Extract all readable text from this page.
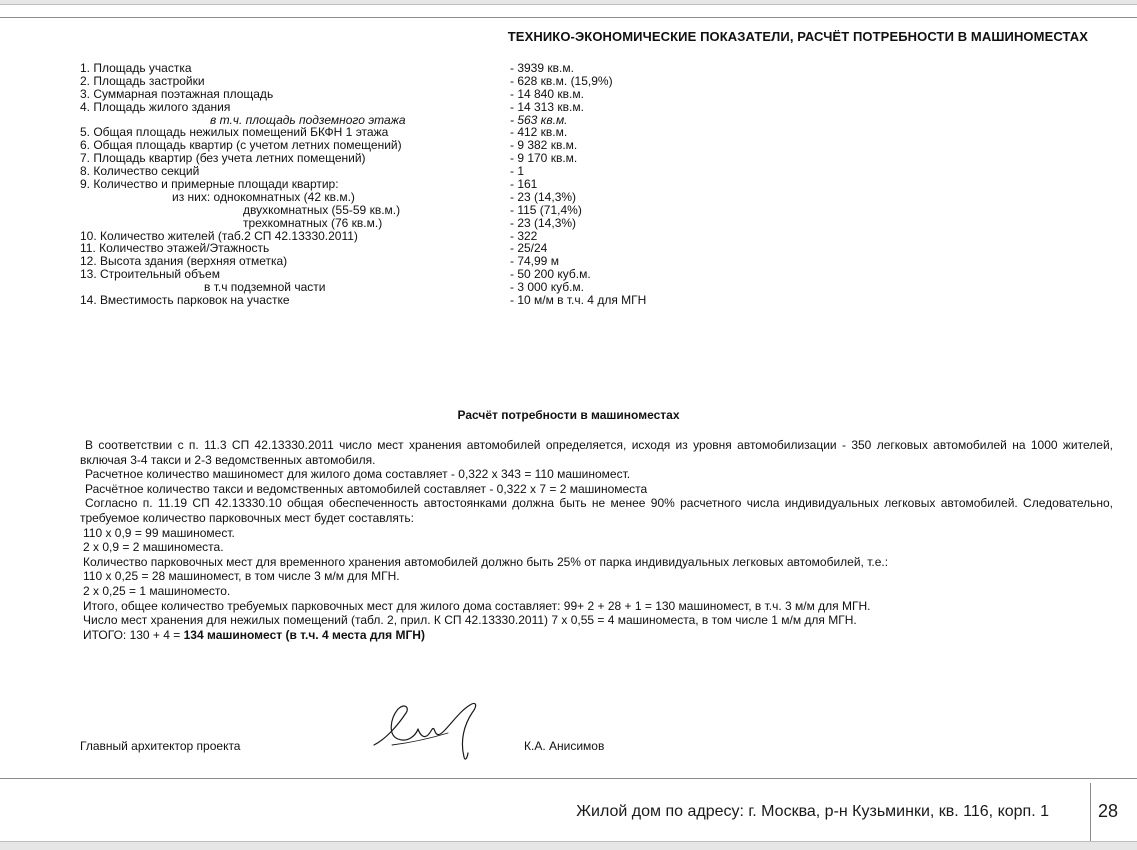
ТЕХНИКО-ЭКОНОМИЧЕСКИЕ ПОКАЗАТЕЛИ, РАСЧЁТ ПОТРЕБНОСТИ В МАШИНОМЕСТАХ
1. Площадь участка	- 3939 кв.м.
2. Площадь застройки	- 628 кв.м. (15,9%)
3. Суммарная поэтажная площадь	- 14 840 кв.м.
4. Площадь жилого здания	- 14 313 кв.м.
в т.ч. площадь подземного этажа	- 563 кв.м.
5. Общая площадь нежилых помещений БКФН 1 этажа	- 412 кв.м.
6. Общая площадь квартир (с учетом летних помещений)	- 9 382 кв.м.
7. Площадь квартир (без учета летних помещений)	- 9 170 кв.м.
8. Количество секций	- 1
9. Количество и примерные площади квартир:	- 161
из них: однокомнатных (42 кв.м.)	- 23 (14,3%)
двухкомнатных (55-59 кв.м.)	- 115 (71,4%)
трехкомнатных (76 кв.м.)	- 23 (14,3%)
10. Количество жителей (таб.2 СП 42.13330.2011)	- 322
11. Количество этажей/Этажность	- 25/24
12. Высота здания (верхняя отметка)	- 74,99 м
13. Строительный объем	- 50 200 куб.м.
в т.ч подземной части	- 3 000 куб.м.
14. Вместимость парковок на участке	- 10 м/м в т.ч. 4 для МГН
Расчёт потребности в машиноместах

В соответствии с п. 11.3 СП 42.13330.2011 число мест хранения автомобилей определяется, исходя из уровня автомобилизации - 350 легковых автомобилей на 1000 жителей, включая 3-4 такси и 2-3 ведомственных автомобиля.

Расчетное количество машиномест для жилого дома составляет - 0,322 х 343 = 110 машиномест.

Расчётное количество такси и ведомственных автомобилей составляет - 0,322 х 7 = 2 машиноместа

Согласно п. 11.19 СП 42.13330.10 общая обеспеченность автостоянками должна быть не менее 90% расчетного числа индивидуальных легковых автомобилей. Следовательно, требуемое количество парковочных мест будет составлять:

110 х 0,9 = 99 машиномест.

2 х 0,9 = 2 машиноместа.

Количество парковочных мест для временного хранения автомобилей должно быть 25% от парка индивидуальных легковых автомобилей, т.е.:

110 х 0,25 = 28 машиномест, в том числе 3 м/м для МГН.

2 х 0,25 = 1 машиноместо.

Итого, общее количество требуемых парковочных мест для жилого дома составляет: 99+ 2 + 28 + 1 = 130 машиномест, в т.ч. 3 м/м для МГН.

Число мест хранения для нежилых помещений (табл. 2, прил. К СП 42.13330.2011) 7 х 0,55 = 4 машиноместа, в том числе 1 м/м для МГН.

ИТОГО: 130 + 4 = 134 машиномест (в т.ч. 4 места для МГН)

Главный архитектор проекта	К.А. Анисимов
Жилой дом по адресу: г. Москва, р-н Кузьминки, кв. 116, корп. 1	28
